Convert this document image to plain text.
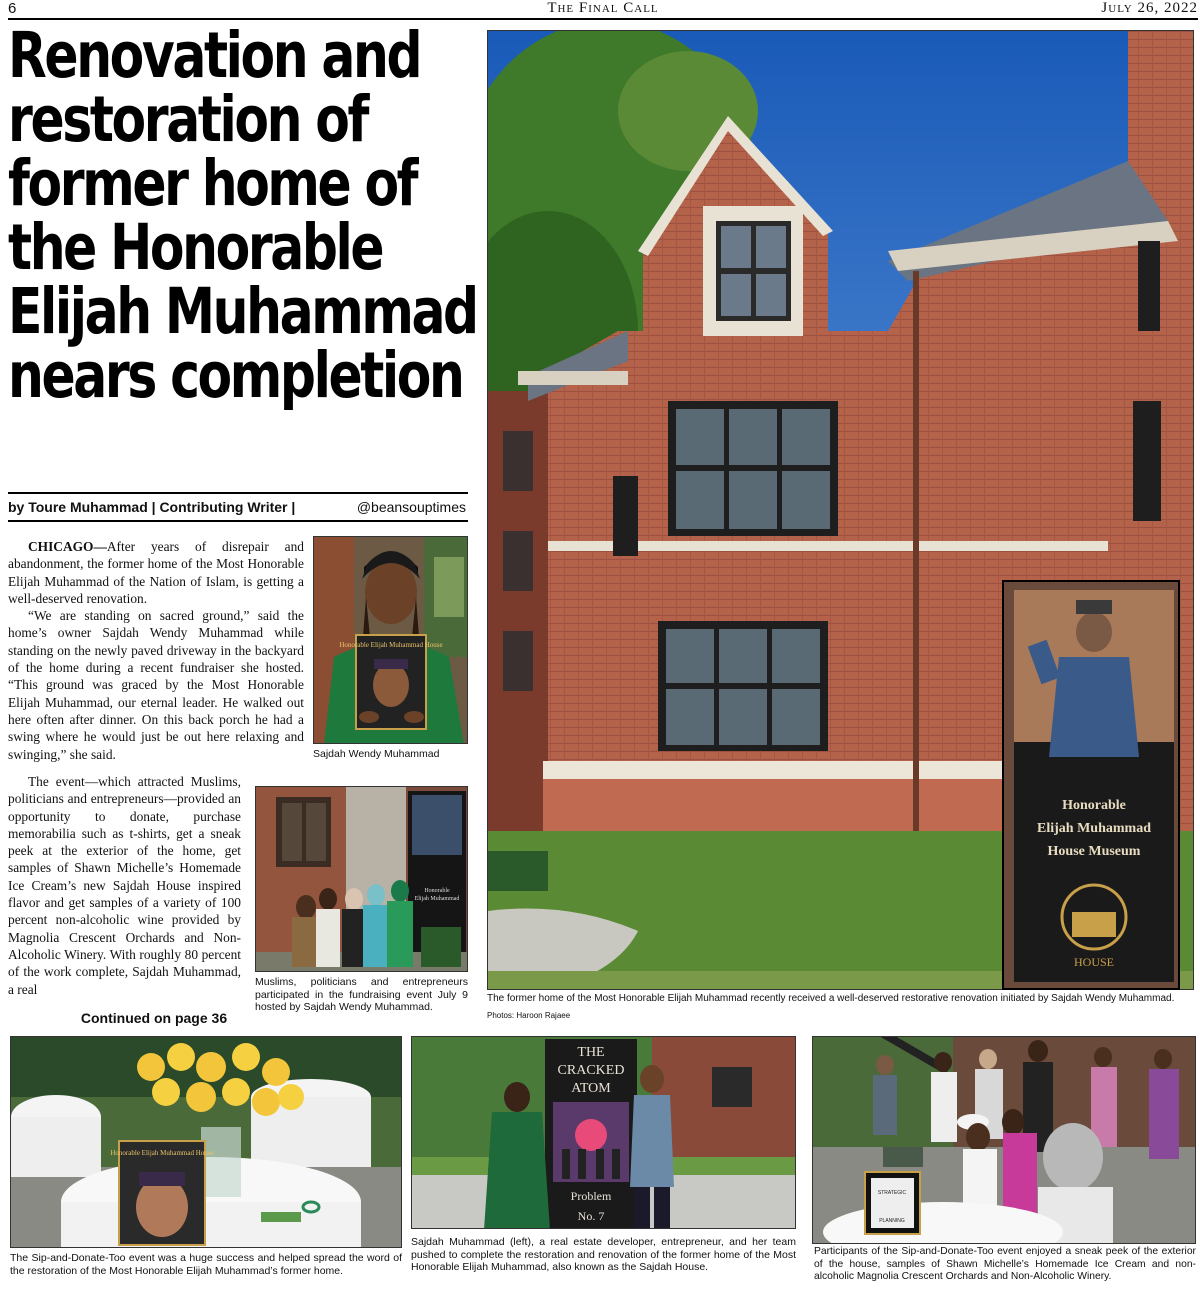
6	The Final Call	July 26, 2022
Renovation and
restoration of
former home of
the Honorable
Elijah Muhammad
nears completion
by Toure Muhammad | Contributing Writer |	@beansouptimes

CHICAGO—After years of disrepair and abandonment, the former home of the Most Honorable Elijah Muhammad of the Nation of Islam, is getting a well-deserved renovation.

“We are standing on sacred ground,” said the home’s owner Sajdah Wendy Muhammad while standing on the newly paved driveway in the backyard of the home during a recent fundraiser she hosted. “This ground was graced by the Most Honorable Elijah Muhammad, our eternal leader. He walked out here often after dinner. On this back porch he had a swing where he would just be out here relaxing and swinging,” she said.

The event—which attracted Muslims, politicians and entrepreneurs—provided an opportunity to donate, purchase memorabilia such as t-shirts, get a sneak peek at the exterior of the home, get samples of Shawn Michelle’s Homemade Ice Cream’s new Sajdah House inspired flavor and get samples of a variety of 100 percent non-alcoholic wine provided by Magnolia Crescent Orchards and Non-Alcoholic Winery. With roughly 80 percent of the work complete, Sajdah Muhammad, a real

Continued on page 36
Honorable Elijah Muhammad House
Sajdah Wendy Muhammad
Honorable
Elijah Muhammad
Muslims, politicians and entrepreneurs participated in the fundraising event July 9 hosted by Sajdah Wendy Muhammad.
Honorable
Elijah Muhammad
House Museum
HOUSE
The former home of the Most Honorable Elijah Muhammad recently received a well-deserved restorative renovation initiated by Sajdah Wendy Muhammad.
Photos: Haroon Rajaee
Honorable Elijah Muhammad House
The Sip-and-Donate-Too event was a huge success and helped spread the word of the restoration of the Most Honorable Elijah Muhammad’s former home.
THE
CRACKED
ATOM
Problem
No. 7
Sajdah Muhammad (left), a real estate developer, entrepreneur, and her team pushed to complete the restoration and renovation of the former home of the Most Honorable Elijah Muhammad, also known as the Sajdah House.
STRATEGIC
PLANNING
Participants of the Sip-and-Donate-Too event enjoyed a sneak peek of the exterior of the house, samples of Shawn Michelle’s Homemade Ice Cream and non-alcoholic Magnolia Crescent Orchards and Non-Alcoholic Winery.
